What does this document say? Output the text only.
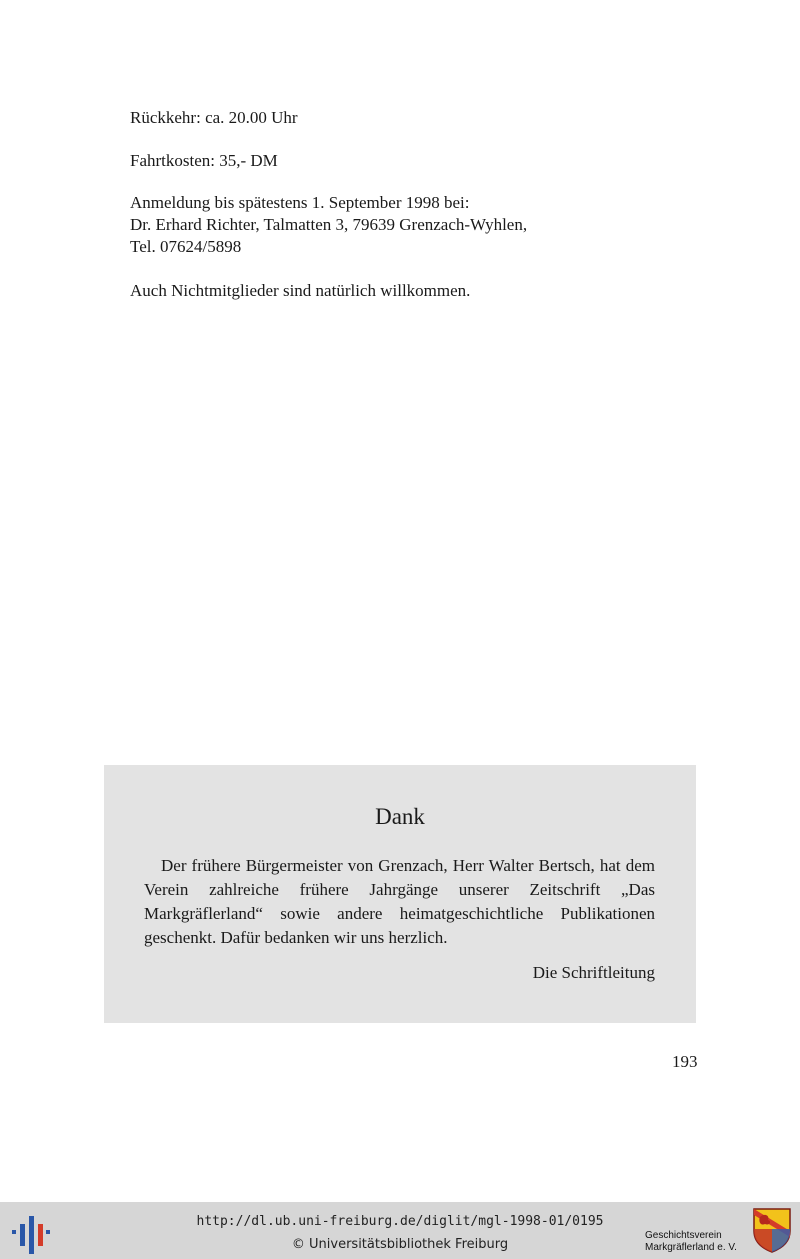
Rückkehr: ca. 20.00 Uhr
Fahrtkosten: 35,- DM
Anmeldung bis spätestens 1. September 1998 bei:
Dr. Erhard Richter, Talmatten 3, 79639 Grenzach-Wyhlen,
Tel. 07624/5898
Auch Nichtmitglieder sind natürlich willkommen.
Dank
Der frühere Bürgermeister von Grenzach, Herr Walter Bertsch, hat dem Verein zahlreiche frühere Jahrgänge unserer Zeitschrift „Das Markgräflerland“ sowie andere heimatgeschichtliche Publikationen geschenkt. Dafür bedanken wir uns herzlich.
Die Schriftleitung
193
http://dl.ub.uni-freiburg.de/diglit/mgl-1998-01/0195
© Universitätsbibliothek Freiburg
Geschichtsverein
Markgräflerland e. V.
